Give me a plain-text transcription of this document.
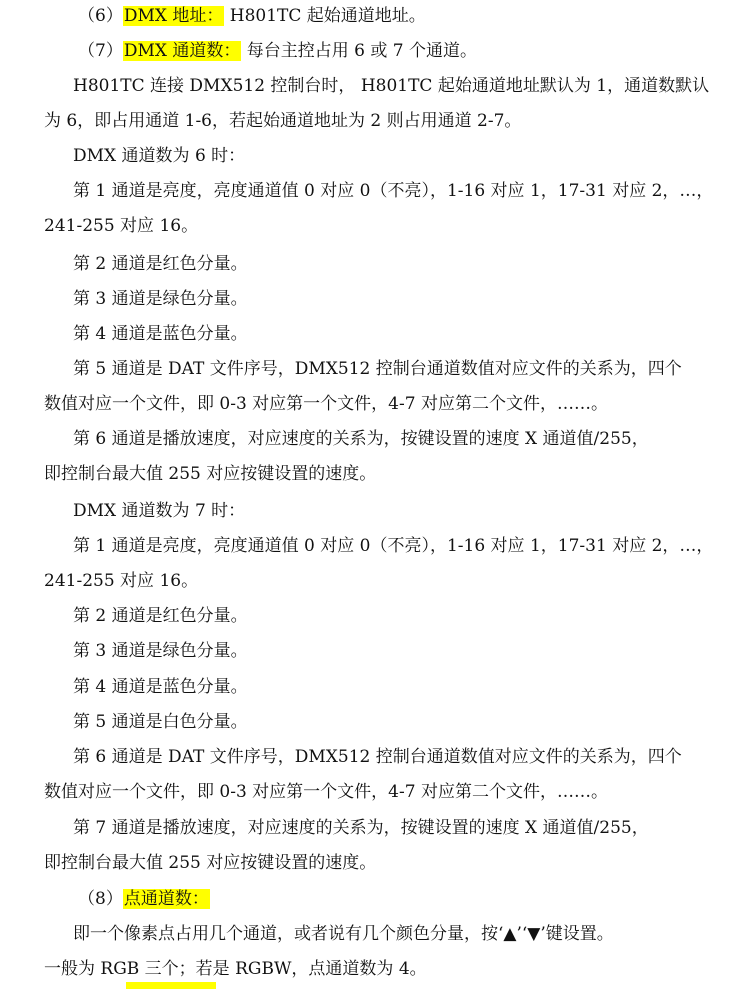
（6）DMX 地址： H801TC 起始通道地址。
（7）DMX 通道数： 每台主控占用 6 或 7 个通道。
H801TC 连接 DMX512 控制台时， H801TC 起始通道地址默认为 1，通道数默认
为 6，即占用通道 1-6，若起始通道地址为 2 则占用通道 2-7。
DMX 通道数为 6 时：
第 1 通道是亮度，亮度通道值 0 对应 0（不亮），1-16 对应 1，17-31 对应 2，…，
241-255 对应 16。
第 2 通道是红色分量。
第 3 通道是绿色分量。
第 4 通道是蓝色分量。
第 5 通道是 DAT 文件序号，DMX512 控制台通道数值对应文件的关系为，四个
数值对应一个文件，即 0-3 对应第一个文件，4-7 对应第二个文件，……。
第 6 通道是播放速度，对应速度的关系为，按键设置的速度 X 通道值/255，
即控制台最大值 255 对应按键设置的速度。
DMX 通道数为 7 时：
第 1 通道是亮度，亮度通道值 0 对应 0（不亮），1-16 对应 1，17-31 对应 2，…，
241-255 对应 16。
第 2 通道是红色分量。
第 3 通道是绿色分量。
第 4 通道是蓝色分量。
第 5 通道是白色分量。
第 6 通道是 DAT 文件序号，DMX512 控制台通道数值对应文件的关系为，四个
数值对应一个文件，即 0-3 对应第一个文件，4-7 对应第二个文件，……。
第 7 通道是播放速度，对应速度的关系为，按键设置的速度 X 通道值/255，
即控制台最大值 255 对应按键设置的速度。
（8）点通道数：
即一个像素点占用几个通道，或者说有几个颜色分量，按‘▲’‘▼’键设置。
一般为 RGB 三个；若是 RGBW，点通道数为 4。
